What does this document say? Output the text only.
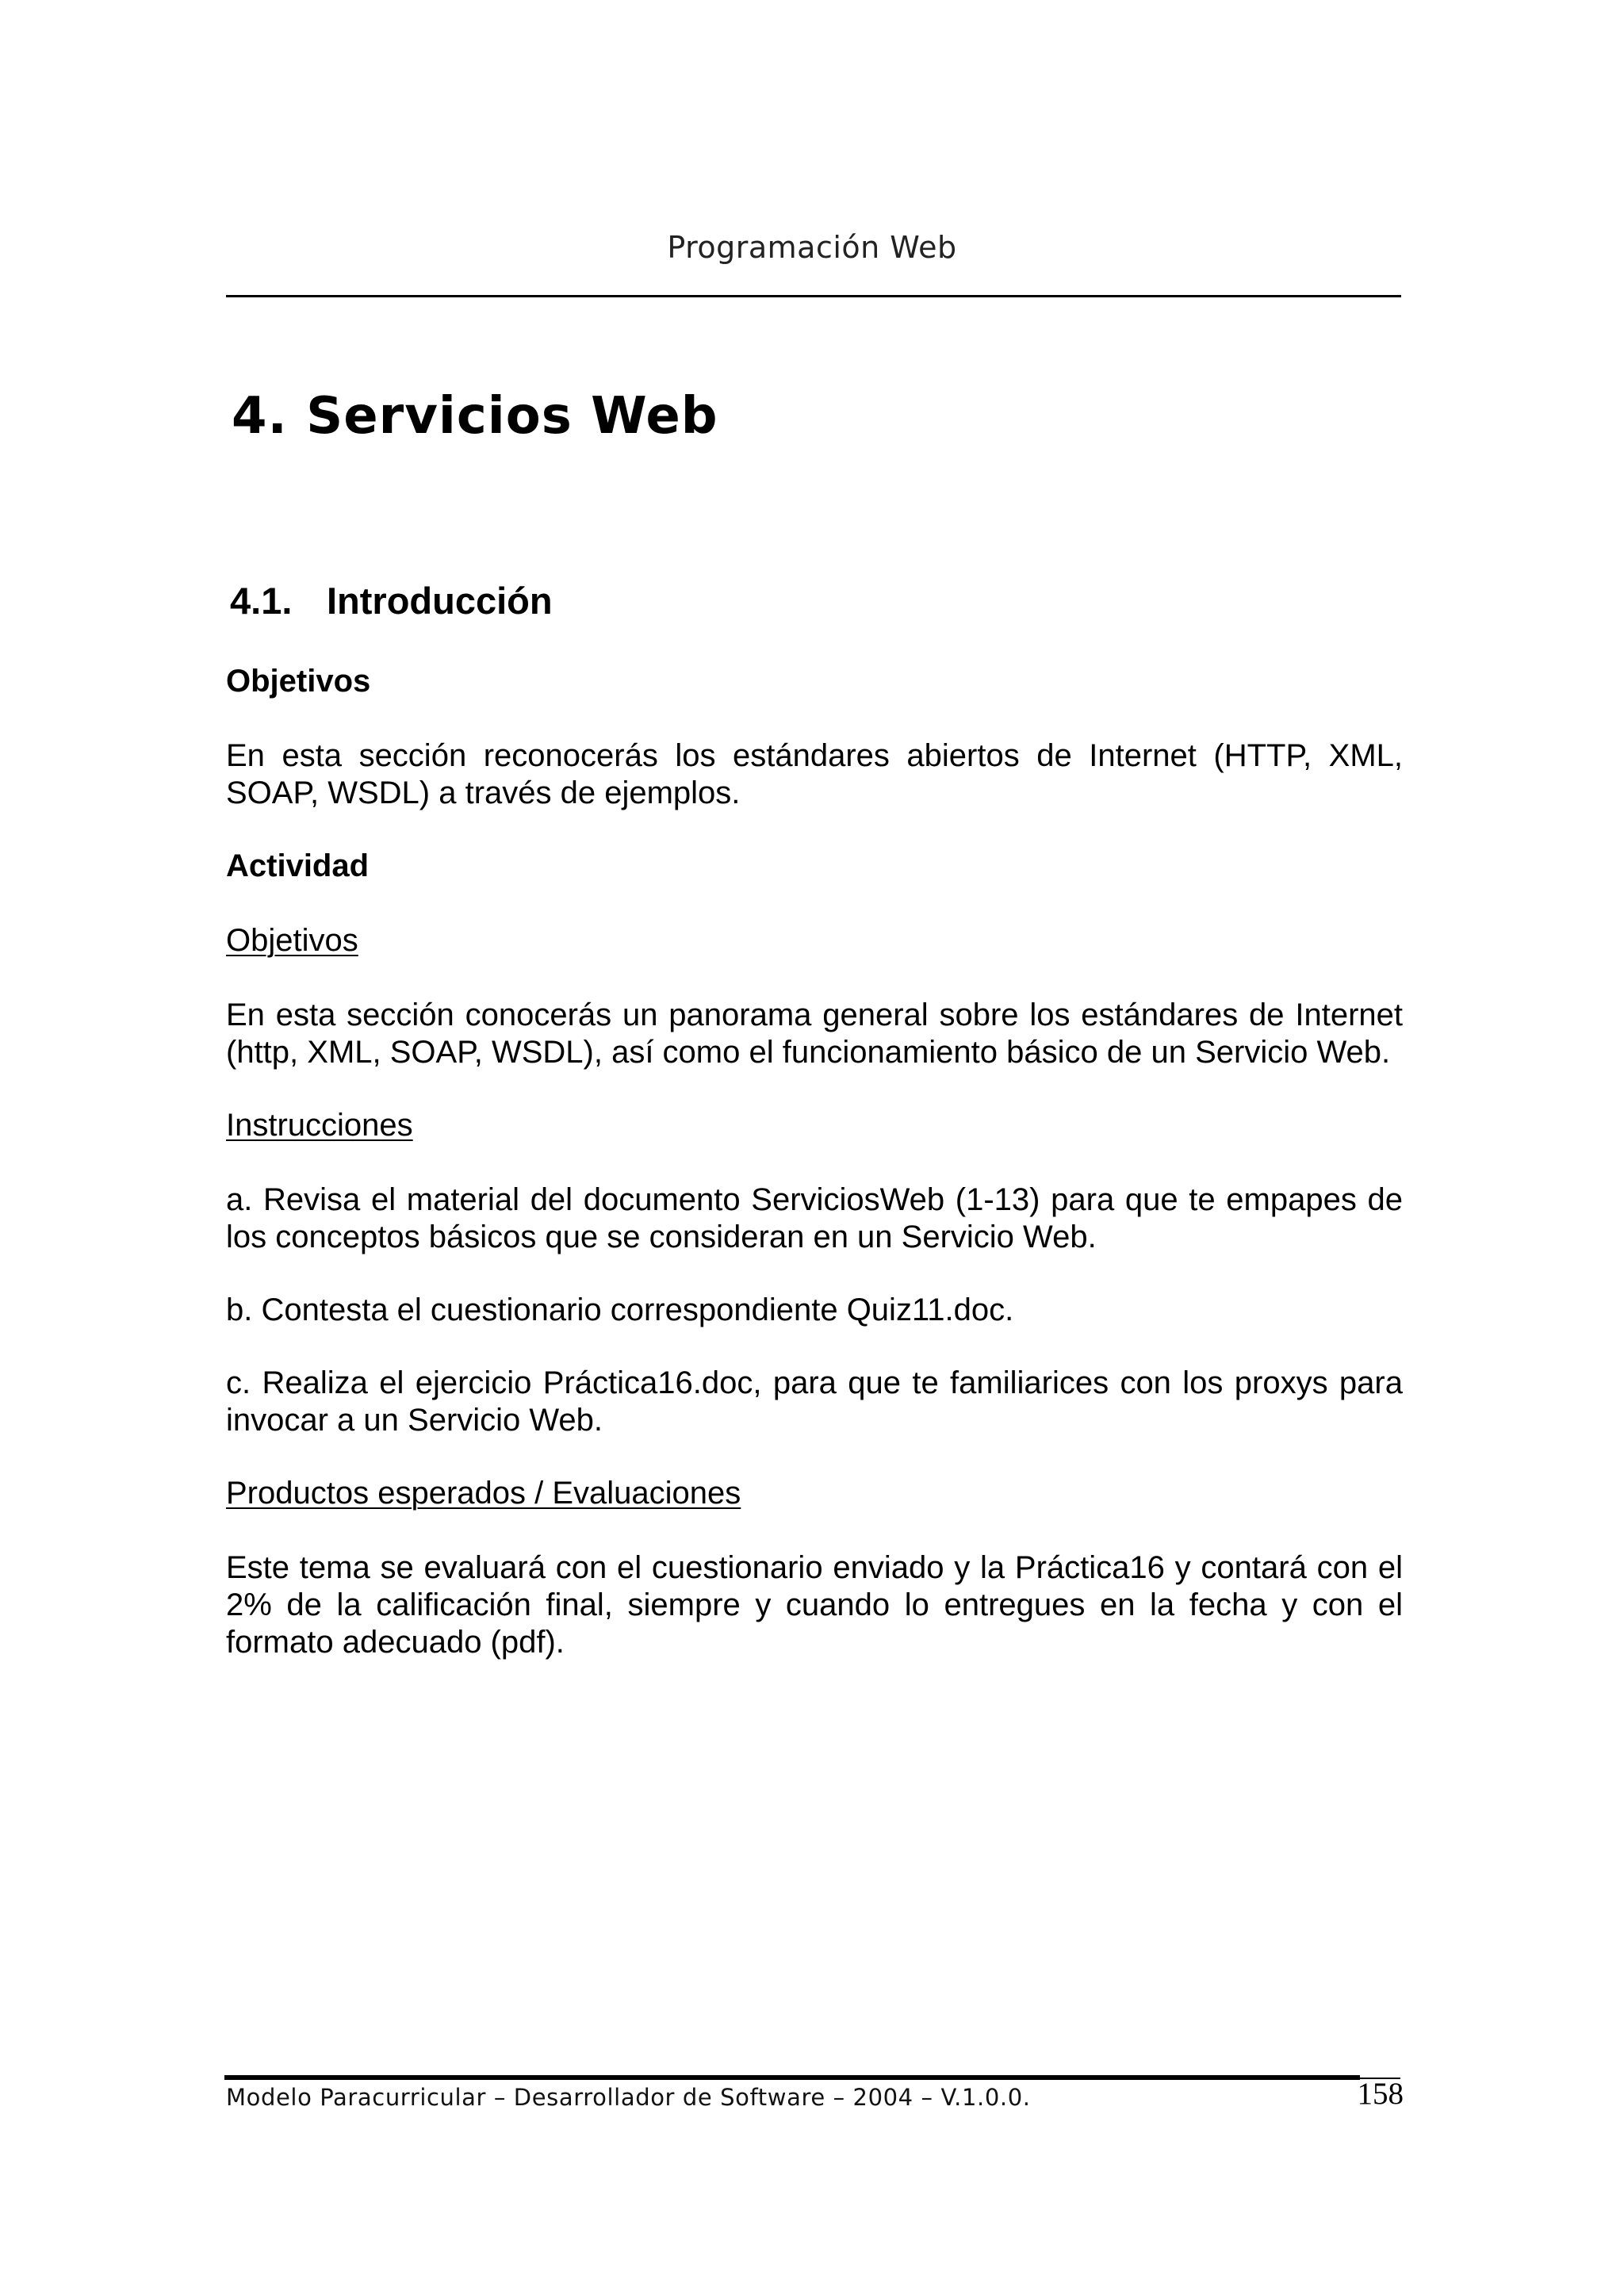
Programación Web
4. Servicios Web
4.1. Introducción

Objetivos

En esta sección reconocerás los estándares abiertos de Internet (HTTP, XML, SOAP, WSDL) a través de ejemplos.

Actividad

Objetivos

En esta sección conocerás un panorama general sobre los estándares de Internet (http, XML, SOAP, WSDL), así como el funcionamiento básico de un Servicio Web.

Instrucciones

a. Revisa el material del documento ServiciosWeb (1-13) para que te empapes de los conceptos básicos que se consideran en un Servicio Web.

b. Contesta el cuestionario correspondiente Quiz11.doc.

c. Realiza el ejercicio Práctica16.doc, para que te familiarices con los proxys para invocar a un Servicio Web.

Productos esperados / Evaluaciones

Este tema se evaluará con el cuestionario enviado y la Práctica16 y contará con el 2% de la calificación final, siempre y cuando lo entregues en la fecha y con el formato adecuado (pdf).

Modelo Paracurricular – Desarrollador de Software – 2004 – V.1.0.0.	158
